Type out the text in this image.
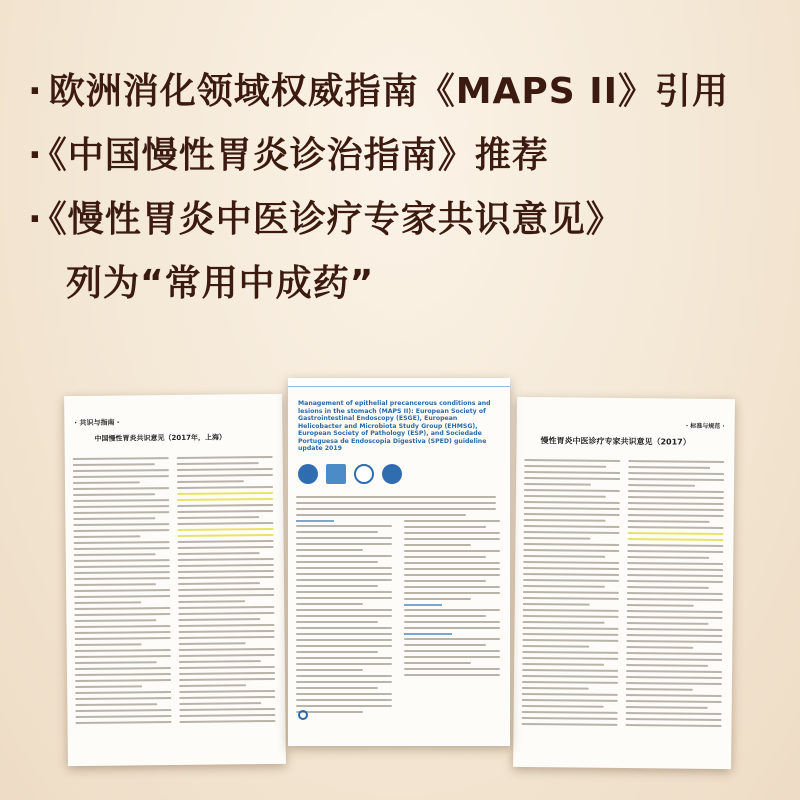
· 欧洲消化领域权威指南《MAPS II》引用
· 《中国慢性胃炎诊治指南》推荐
· 《慢性胃炎中医诊疗专家共识意见》
列为“常用中成药”
· 共识与指南 ·
中国慢性胃炎共识意见（2017年，上海）
· 标准与规范 ·
慢性胃炎中医诊疗专家共识意见（2017）
Management of epithelial precancerous conditions and lesions in the stomach (MAPS II): European Society of Gastrointestinal Endoscopy (ESGE), European Helicobacter and Microbiota Study Group (EHMSG), European Society of Pathology (ESP), and Sociedade Portuguesa de Endoscopia Digestiva (SPED) guideline update 2019
